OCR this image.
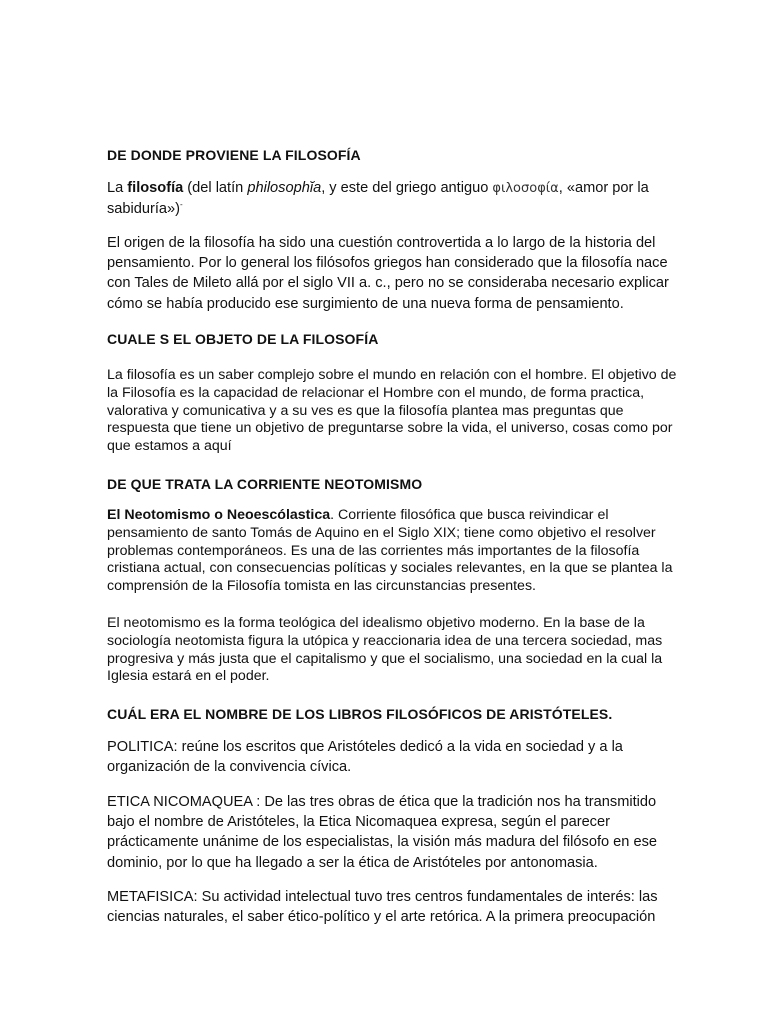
DE DONDE PROVIENE LA FILOSOFÍA

La filosofía (del latín philosophĭa, y este del griego antiguo φιλοσοφία, «amor por la sabiduría»)-

El origen de la filosofía ha sido una cuestión controvertida a lo largo de la historia del pensamiento. Por lo general los filósofos griegos han considerado que la filosofía nace con Tales de Mileto allá por el siglo VII a. c., pero no se consideraba necesario explicar cómo se había producido ese surgimiento de una nueva forma de pensamiento.

CUALE S EL OBJETO DE LA FILOSOFÍA

La filosofía es un saber complejo sobre el mundo en relación con el hombre. El objetivo de la Filosofía es la capacidad de relacionar el Hombre con el mundo, de forma practica, valorativa y comunicativa y a su ves es que la filosofía plantea mas preguntas que respuesta que tiene un objetivo de preguntarse sobre la vida, el universo, cosas como por que estamos a aquí

DE QUE TRATA LA CORRIENTE NEOTOMISMO

El Neotomismo o Neoescólastica. Corriente filosófica que busca reivindicar el pensamiento de santo Tomás de Aquino en el Siglo XIX; tiene como objetivo el resolver problemas contemporáneos. Es una de las corrientes más importantes de la filosofía cristiana actual, con consecuencias políticas y sociales relevantes, en la que se plantea la comprensión de la Filosofía tomista en las circunstancias presentes.

El neotomismo es la forma teológica del idealismo objetivo moderno. En la base de la sociología neotomista figura la utópica y reaccionaria idea de una tercera sociedad, mas progresiva y más justa que el capitalismo y que el socialismo, una sociedad en la cual la Iglesia estará en el poder.

CUÁL ERA EL NOMBRE DE LOS LIBROS FILOSÓFICOS DE ARISTÓTELES.

POLITICA: reúne los escritos que Aristóteles dedicó a la vida en sociedad y a la organización de la convivencia cívica.

ETICA NICOMAQUEA : De las tres obras de ética que la tradición nos ha transmitido bajo el nombre de Aristóteles, la Etica Nicomaquea expresa, según el parecer prácticamente unánime de los especialistas, la visión más madura del filósofo en ese dominio, por lo que ha llegado a ser la ética de Aristóteles por antonomasia.

METAFISICA: Su actividad intelectual tuvo tres centros fundamentales de interés: las ciencias naturales, el saber ético-político y el arte retórica. A la primera preocupación
